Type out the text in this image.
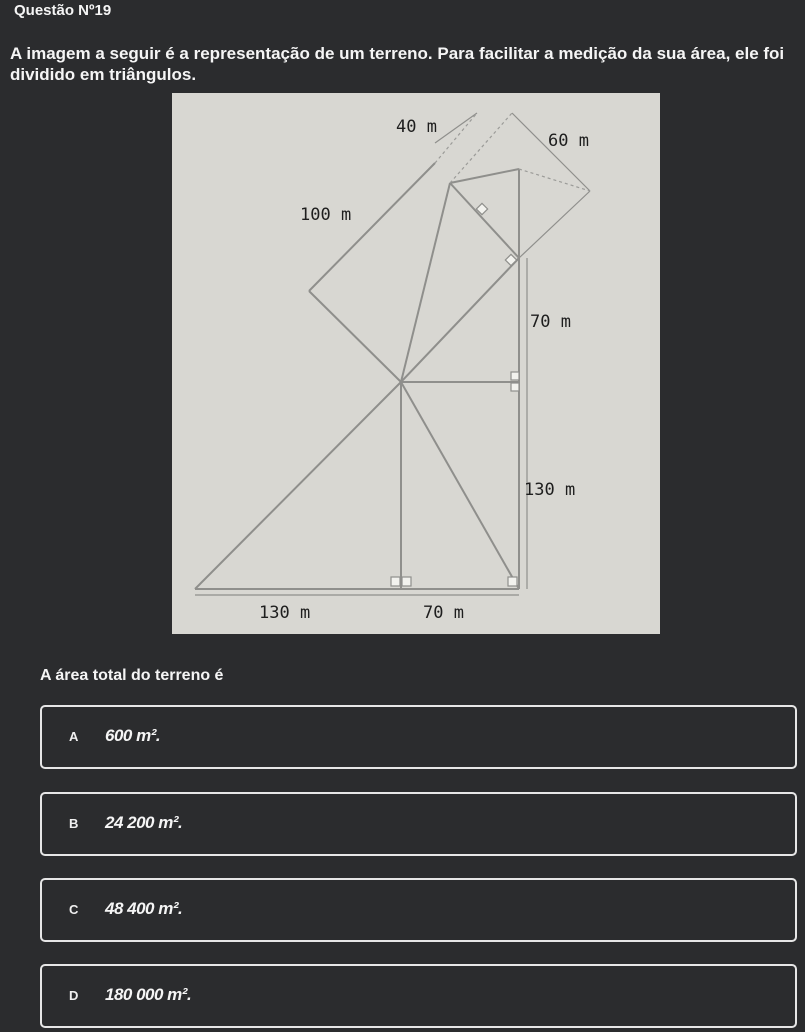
Questão Nº19
A imagem a seguir é a representação de um terreno. Para facilitar a medição da sua área, ele foi dividido em triângulos.
40 m
60 m
100 m
70 m
130 m
130 m	70 m
A área total do terreno é
A 600 m².
B 24 200 m².
C 48 400 m².
D 180 000 m².
